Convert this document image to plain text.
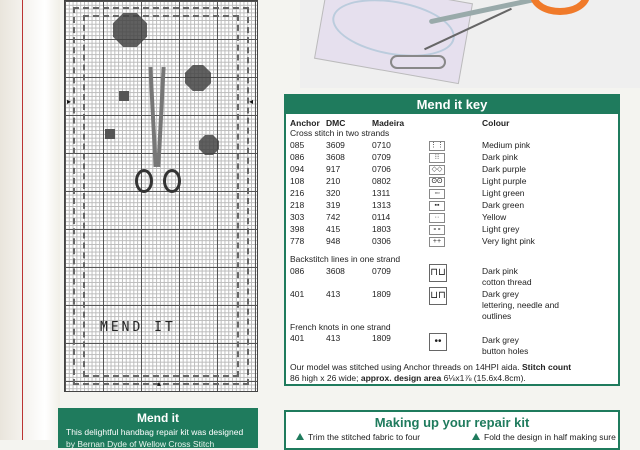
▸	◂
▴
MEND IT
Mend it key
Anchor DMC	Madeira	Colour
Cross stitch in two strands
085	3609	0710	⋮⋮	Medium pink
086	3608	0709	⁝⁝	Dark pink
094	917	0706	◇◇	Dark purple
108	210	0802	ʘʘ	Light purple
216	320	1311	▫▫	Light green
218	319	1313	▪▪	Dark green
303	742	0114	··	Yellow
398	415	1803	∘∘	Light grey
778	948	0306	++	Very light pink
Backstitch lines in one strand
086	3608	0709	⊓⊔	Dark pink
cotton thread
401	413	1809	⊔⊓	Dark grey
lettering, needle and
outlines
French knots in one strand
401	413	1809	••	Dark grey
button holes
Our model was stitched using Anchor threads on 14HPI aida. Stitch count
86 high x 26 wide; approx. design area 6⅛x1⅞ (15.6x4.8cm).
Mend it
This delightful handbag repair kit was designed
by Bernan Dyde of Wellow Cross Stitch
Making up your repair kit
Trim the stitched fabric to four	Fold the design in half making sure
